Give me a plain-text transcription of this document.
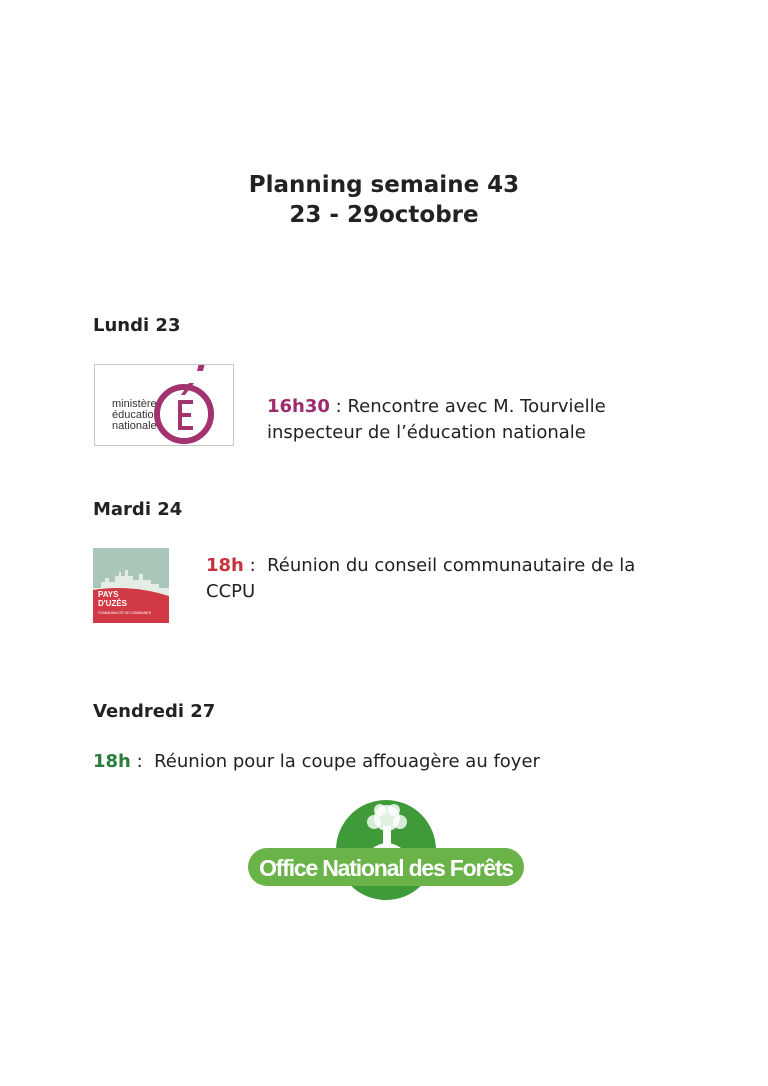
Planning semaine 43
23 - 29octobre
Lundi 23
ministère
éducation
nationale
16h30 : Rencontre avec M. Tourvielle inspecteur de l’éducation nationale
Mardi 24
PAYS
D'UZÈS
COMMUNAUTÉ DE COMMUNES
18h :  Réunion du conseil communautaire de la CCPU
Vendredi 27
18h :  Réunion pour la coupe affouagère au foyer
Office National des Forêts
